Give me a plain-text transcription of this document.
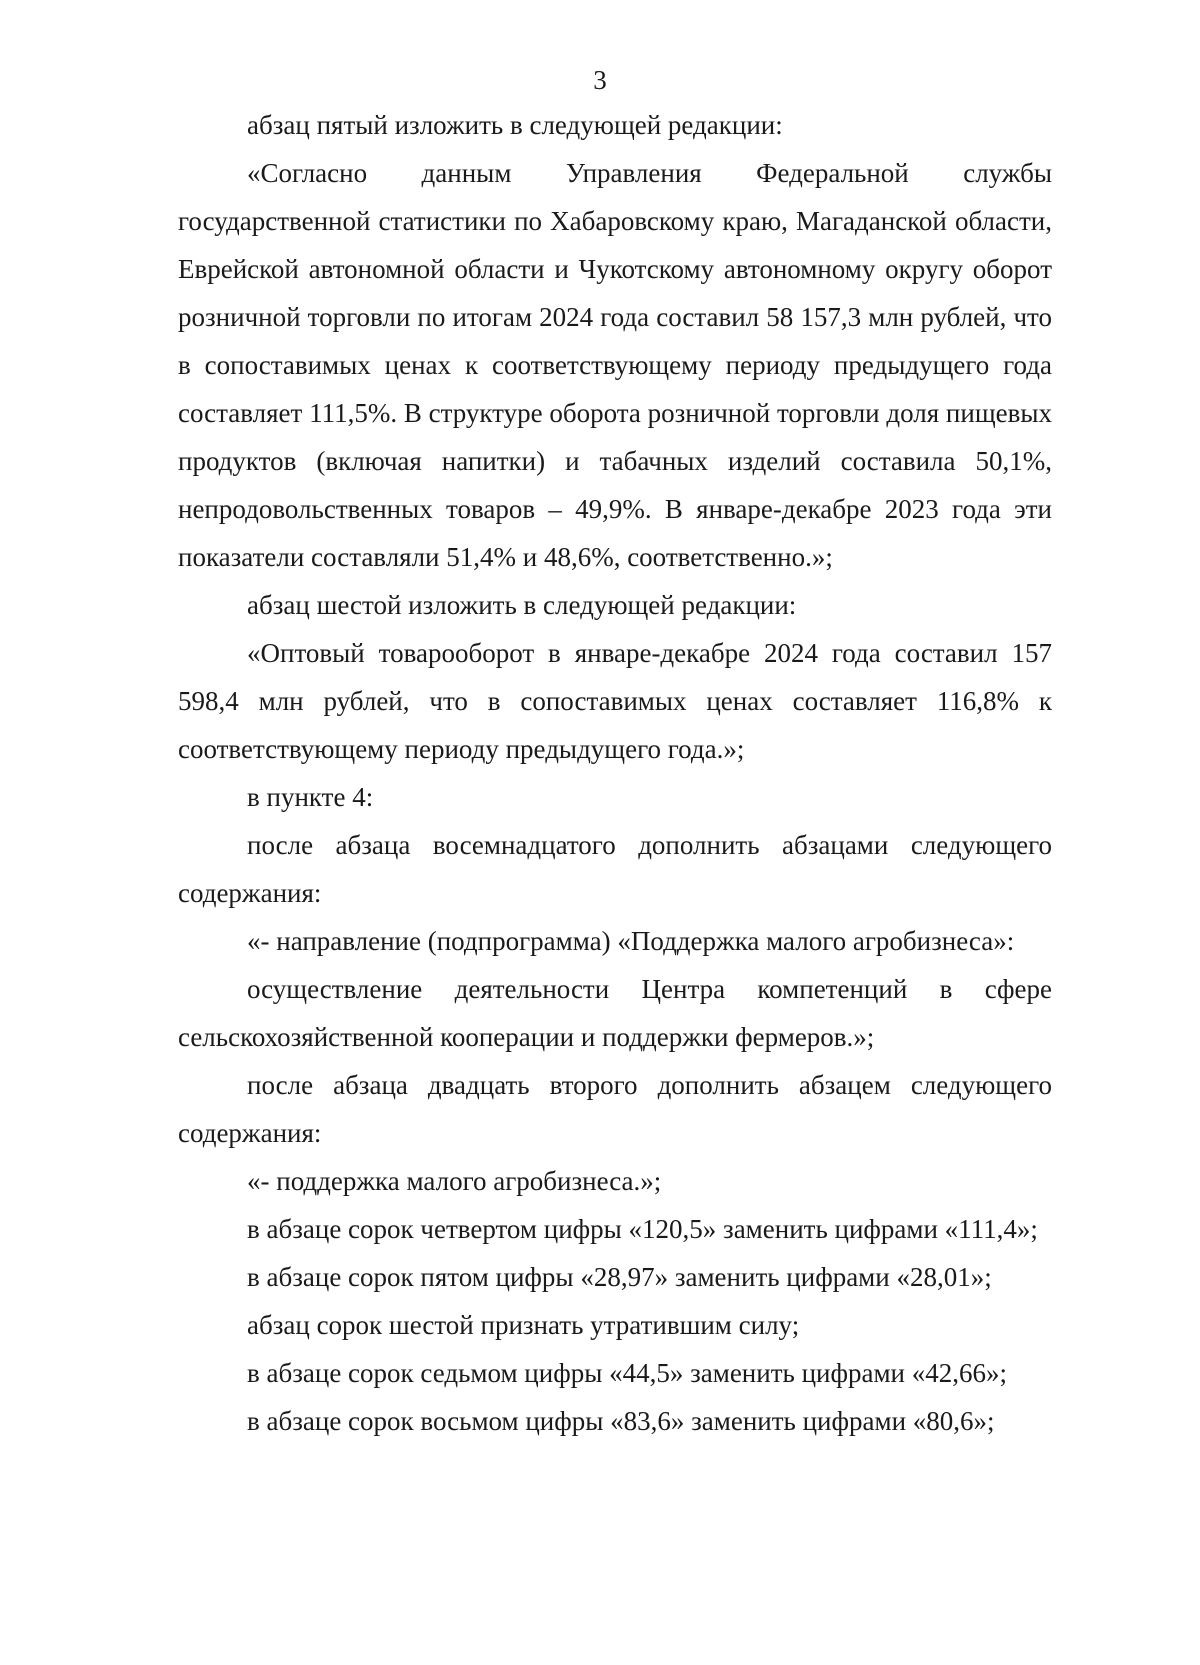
3

абзац пятый изложить в следующей редакции:

«Согласно данным Управления Федеральной службы государственной статистики по Хабаровскому краю, Магаданской области, Еврейской автономной области и Чукотскому автономному округу оборот розничной торговли по итогам 2024 года составил 58 157,3 млн рублей, что в сопоставимых ценах к соответствующему периоду предыдущего года составляет 111,5%. В структуре оборота розничной торговли доля пищевых продуктов (включая напитки) и табачных изделий составила 50,1%, непродовольственных товаров – 49,9%. В январе-декабре 2023 года эти показатели составляли 51,4% и 48,6%, соответственно.»;

абзац шестой изложить в следующей редакции:

«Оптовый товарооборот в январе-декабре 2024 года составил 157 598,4 млн рублей, что в сопоставимых ценах составляет 116,8% к соответствующему периоду предыдущего года.»;

в пункте 4:

после абзаца восемнадцатого дополнить абзацами следующего содержания:

«- направление (подпрограмма) «Поддержка малого агробизнеса»:

осуществление деятельности Центра компетенций в сфере сельскохозяйственной кооперации и поддержки фермеров.»;

после абзаца двадцать второго дополнить абзацем следующего содержания:

«- поддержка малого агробизнеса.»;

в абзаце сорок четвертом цифры «120,5» заменить цифрами «111,4»;

в абзаце сорок пятом цифры «28,97» заменить цифрами «28,01»;

абзац сорок шестой признать утратившим силу;

в абзаце сорок седьмом цифры «44,5» заменить цифрами «42,66»;

в абзаце сорок восьмом цифры «83,6» заменить цифрами «80,6»;
